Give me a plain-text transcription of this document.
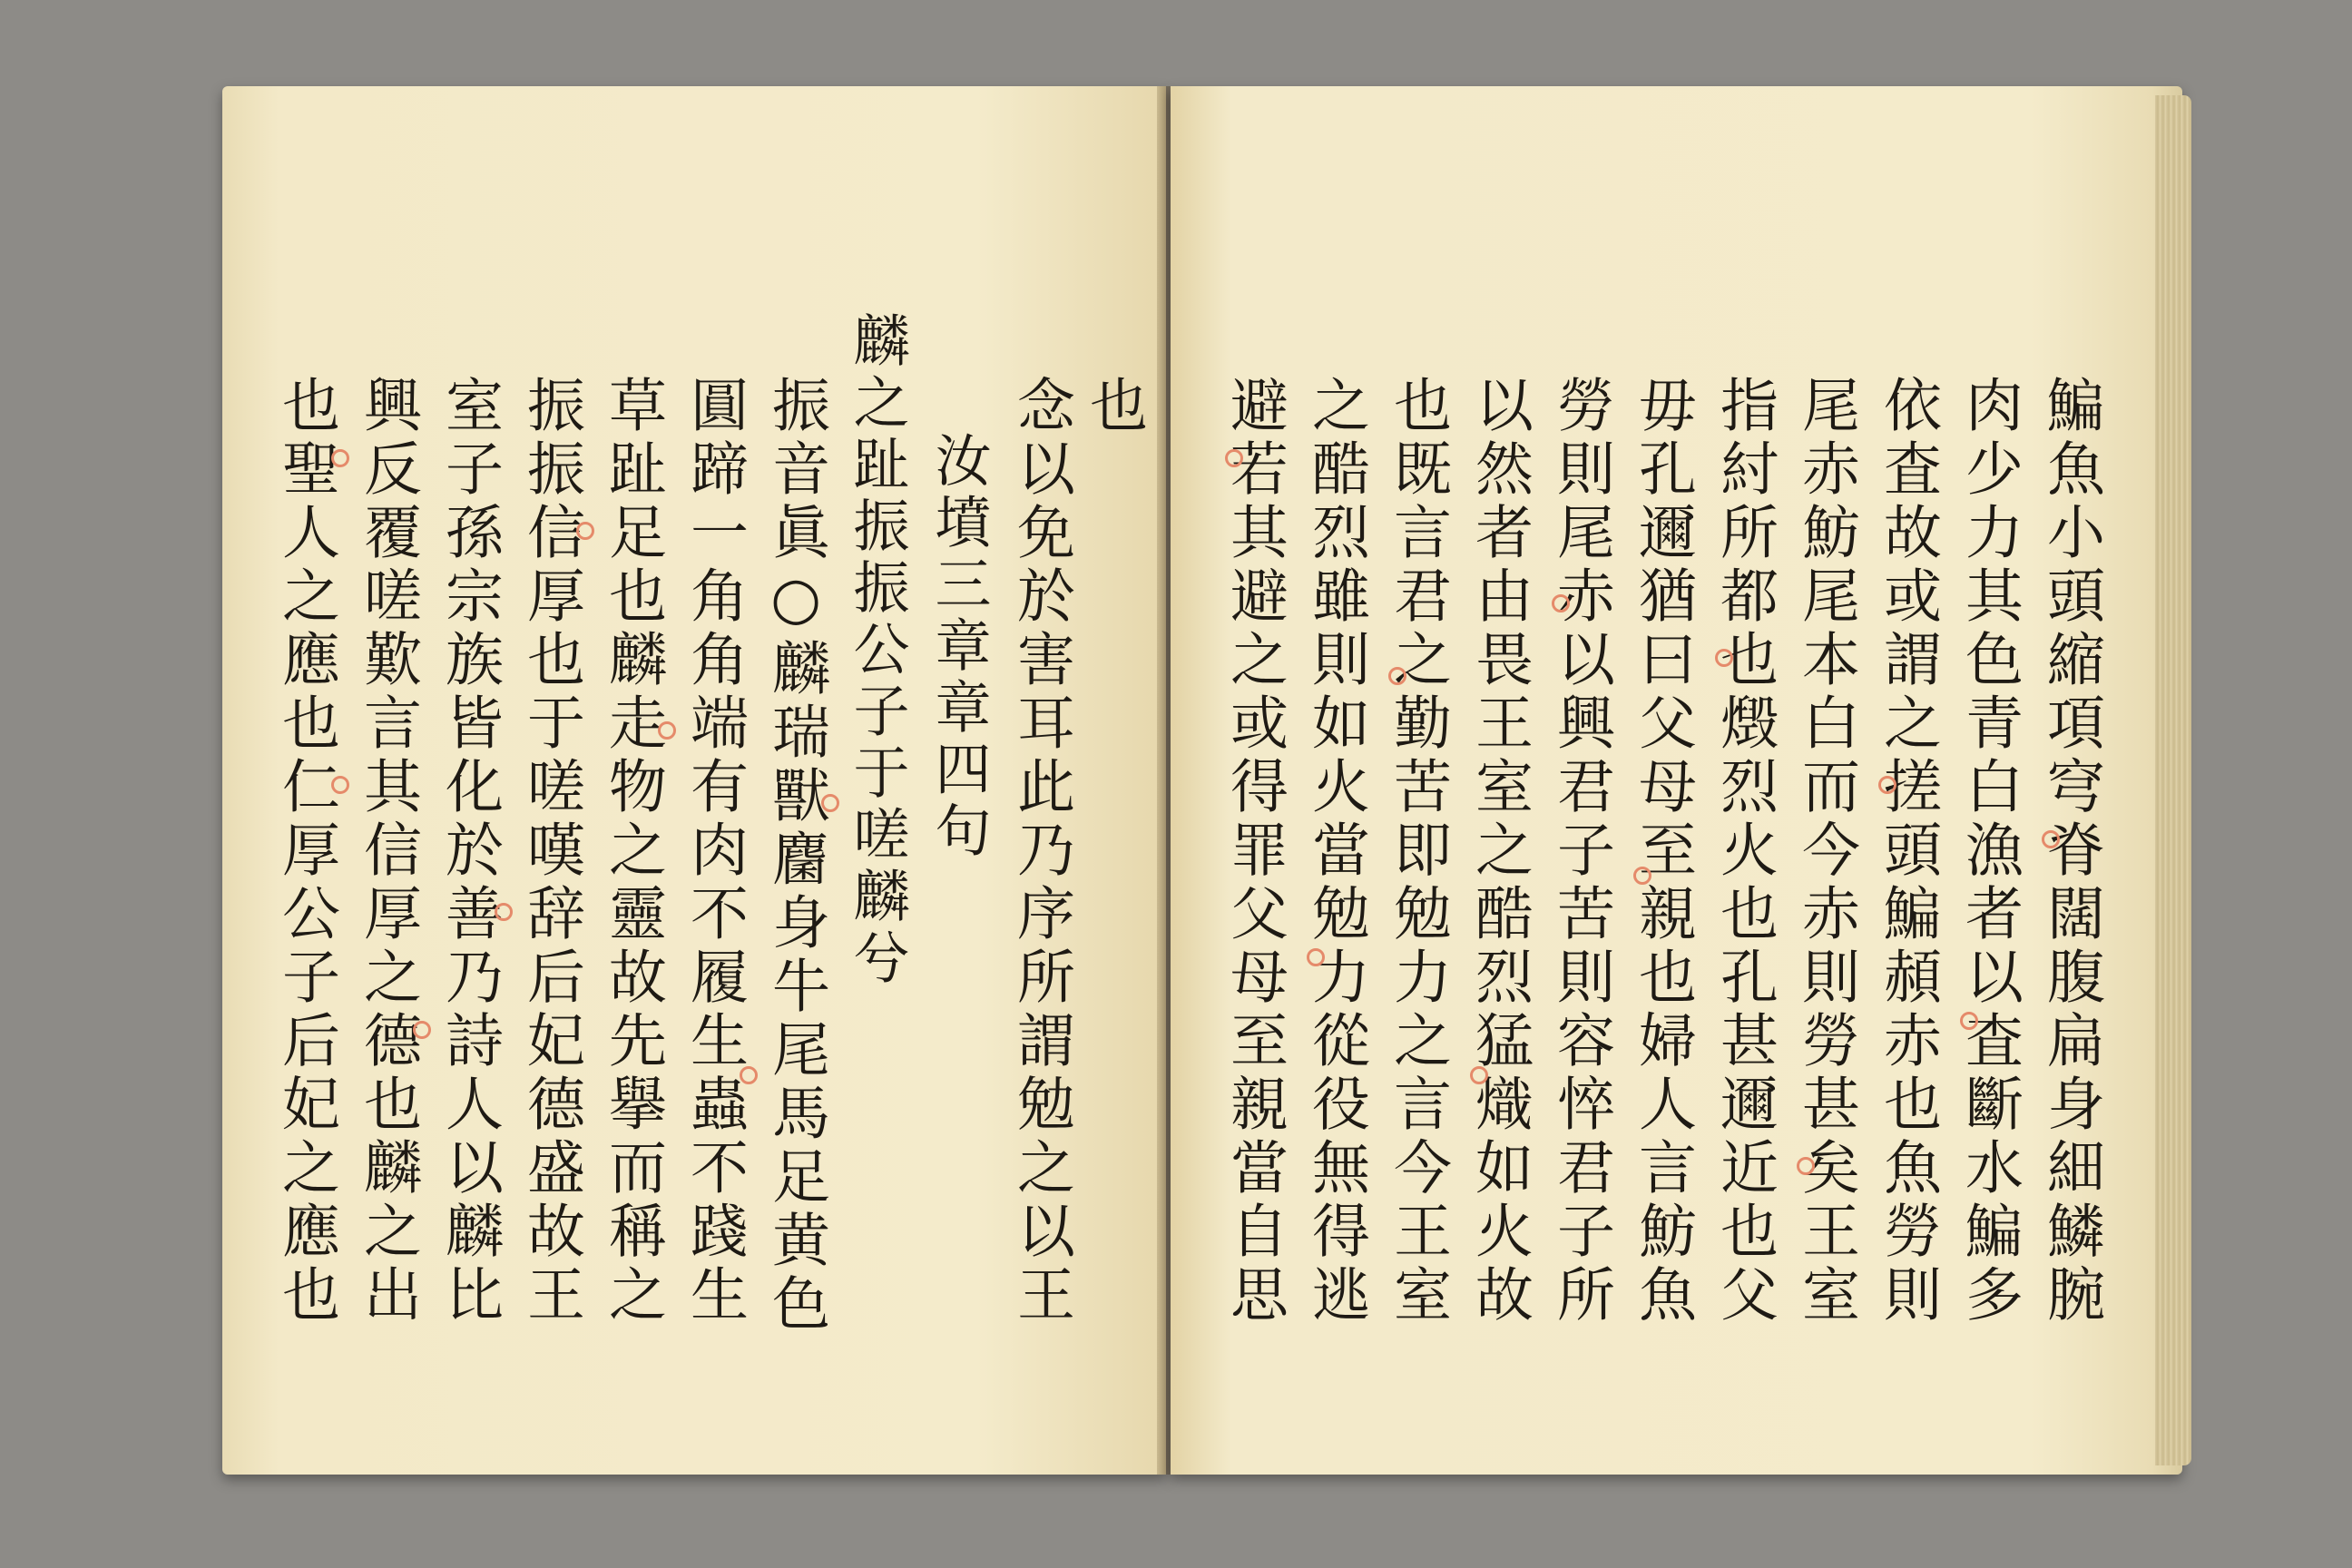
也聖人之應也仁厚公子后妃之應也 興反覆嗟歎言其信厚之德也麟之出 室子孫宗族皆化於善乃詩人以麟比 振振信厚也于嗟嘆辞后妃德盛故王 草趾足也麟走物之靈故先擧而稱之 圓蹄一角角端有肉不履生蟲不踐生 振音眞○麟瑞獸麕身牛尾馬足黄色 麟之趾振振公子于嗟麟兮 汝墳三章章四句 念以免於害耳此乃序所謂勉之以王 也 避若其避之或得罪父母至親當自思 之酷烈雖則如火當勉力從役無得逃 也既言君之勤苦即勉力之言今王室 以然者由畏王室之酷烈猛熾如火故 勞則尾赤以興君子苦則容悴君子所 毋孔邇猶曰父母至親也婦人言魴魚 指紂所都也燬烈火也孔甚邇近也父 尾赤魴尾本白而今赤則勞甚矣王室 依査故或謂之搓頭鯿頳赤也魚勞則 肉少力其色青白漁者以査斷水鯿多 鯿魚小頭縮項穹脊闊腹扁身細鱗腕
